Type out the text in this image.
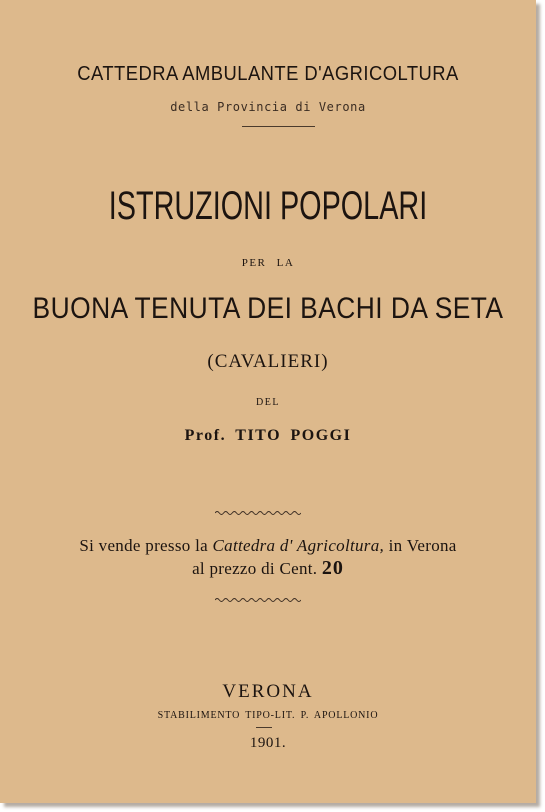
CATTEDRA AMBULANTE D'AGRICOLTURA
della Provincia di Verona
ISTRUZIONI POPOLARI
PER LA
BUONA TENUTA DEI BACHI DA SETA
(CAVALIERI)
DEL
Prof. TITO POGGI
Si vende presso la Cattedra d' Agricoltura, in Verona
al prezzo di Cent. 20
VERONA
STABILIMENTO TIPO-LIT. P. APOLLONIO
1901.
